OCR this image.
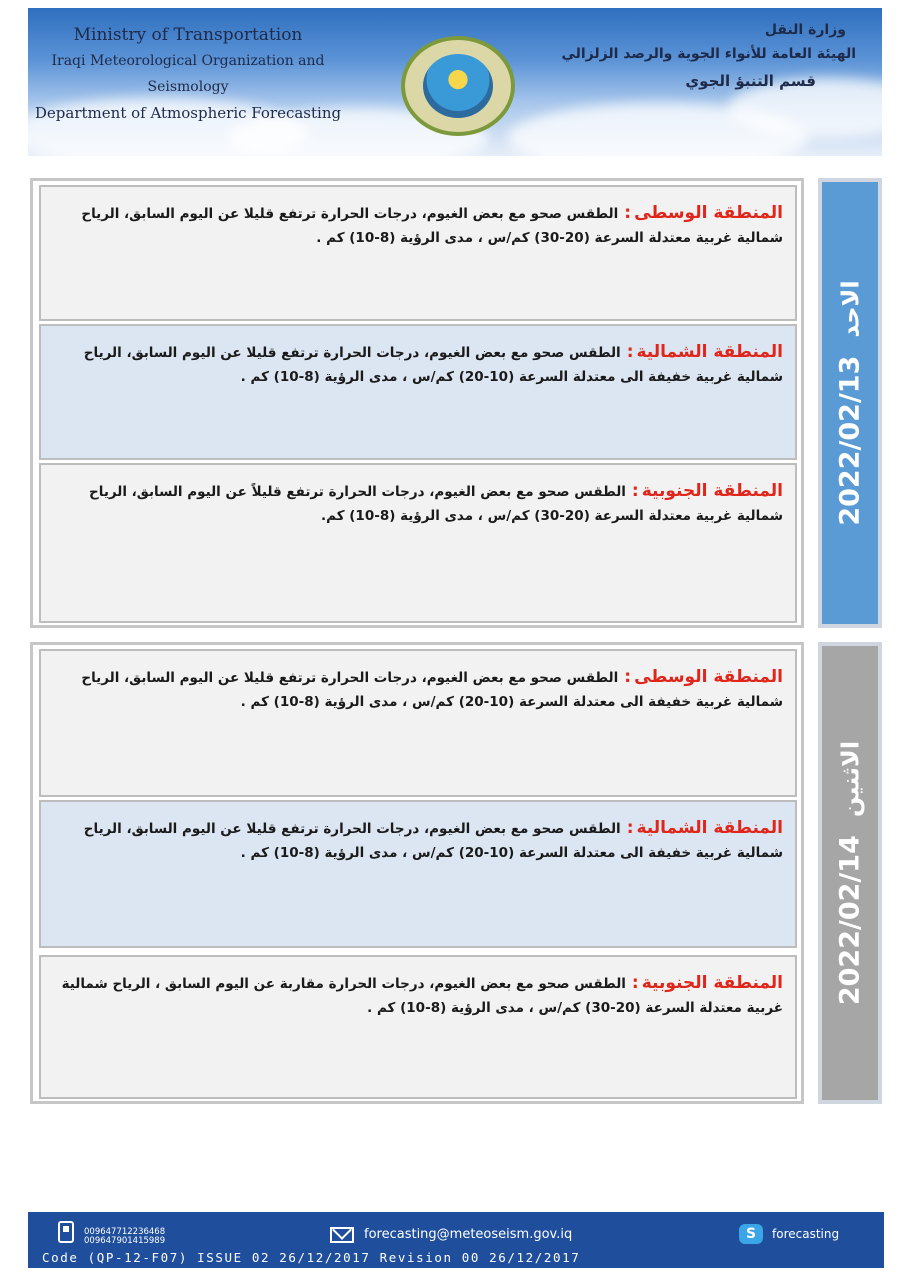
Ministry of Transportation
Iraqi Meteorological Organization and Seismology
Department of Atmospheric Forecasting
وزارة النقل
الهيئة العامة للأنواء الجوية والرصد الزلزالي
قسم التنبؤ الجوي
المنطقة الوسطى:الطقس صحو مع بعض الغيوم، درجات الحرارة ترتفع قليلا عن اليوم السابق، الرياح شمالية غربية معتدلة السرعة (20-30) كم/س ، مدى الرؤية (8-10) كم .
المنطقة الشمالية:الطقس صحو مع بعض الغيوم، درجات الحرارة ترتفع قليلا عن اليوم السابق، الرياح شمالية غربية خفيفة الى معتدلة السرعة (10-20) كم/س ، مدى الرؤية (8-10) كم .
المنطقة الجنوبية:الطقس صحو مع بعض الغيوم، درجات الحرارة ترتفع قليلاً عن اليوم السابق، الرياح شمالية غربية معتدلة السرعة (20-30) كم/س ، مدى الرؤية (8-10) كم.	2022/02/13الاحد
المنطقة الوسطى:الطقس صحو مع بعض الغيوم، درجات الحرارة ترتفع قليلا عن اليوم السابق، الرياح شمالية غربية خفيفة الى معتدلة السرعة (10-20) كم/س ، مدى الرؤية (8-10) كم .
المنطقة الشمالية:الطقس صحو مع بعض الغيوم، درجات الحرارة ترتفع قليلا عن اليوم السابق، الرياح شمالية غربية خفيفة الى معتدلة السرعة (10-20) كم/س ، مدى الرؤية (8-10) كم .
المنطقة الجنوبية:الطقس صحو مع بعض الغيوم، درجات الحرارة مقاربة عن اليوم السابق ، الرياح شمالية غربية معتدلة السرعة (20-30) كم/س ، مدى الرؤية (8-10) كم .
2022/02/14الاثنين
009647712236468
009647901415989	forecasting@meteoseism.gov.iq	S	forecasting
Code (QP-12-F07) ISSUE 02 26/12/2017 Revision 00 26/12/2017
